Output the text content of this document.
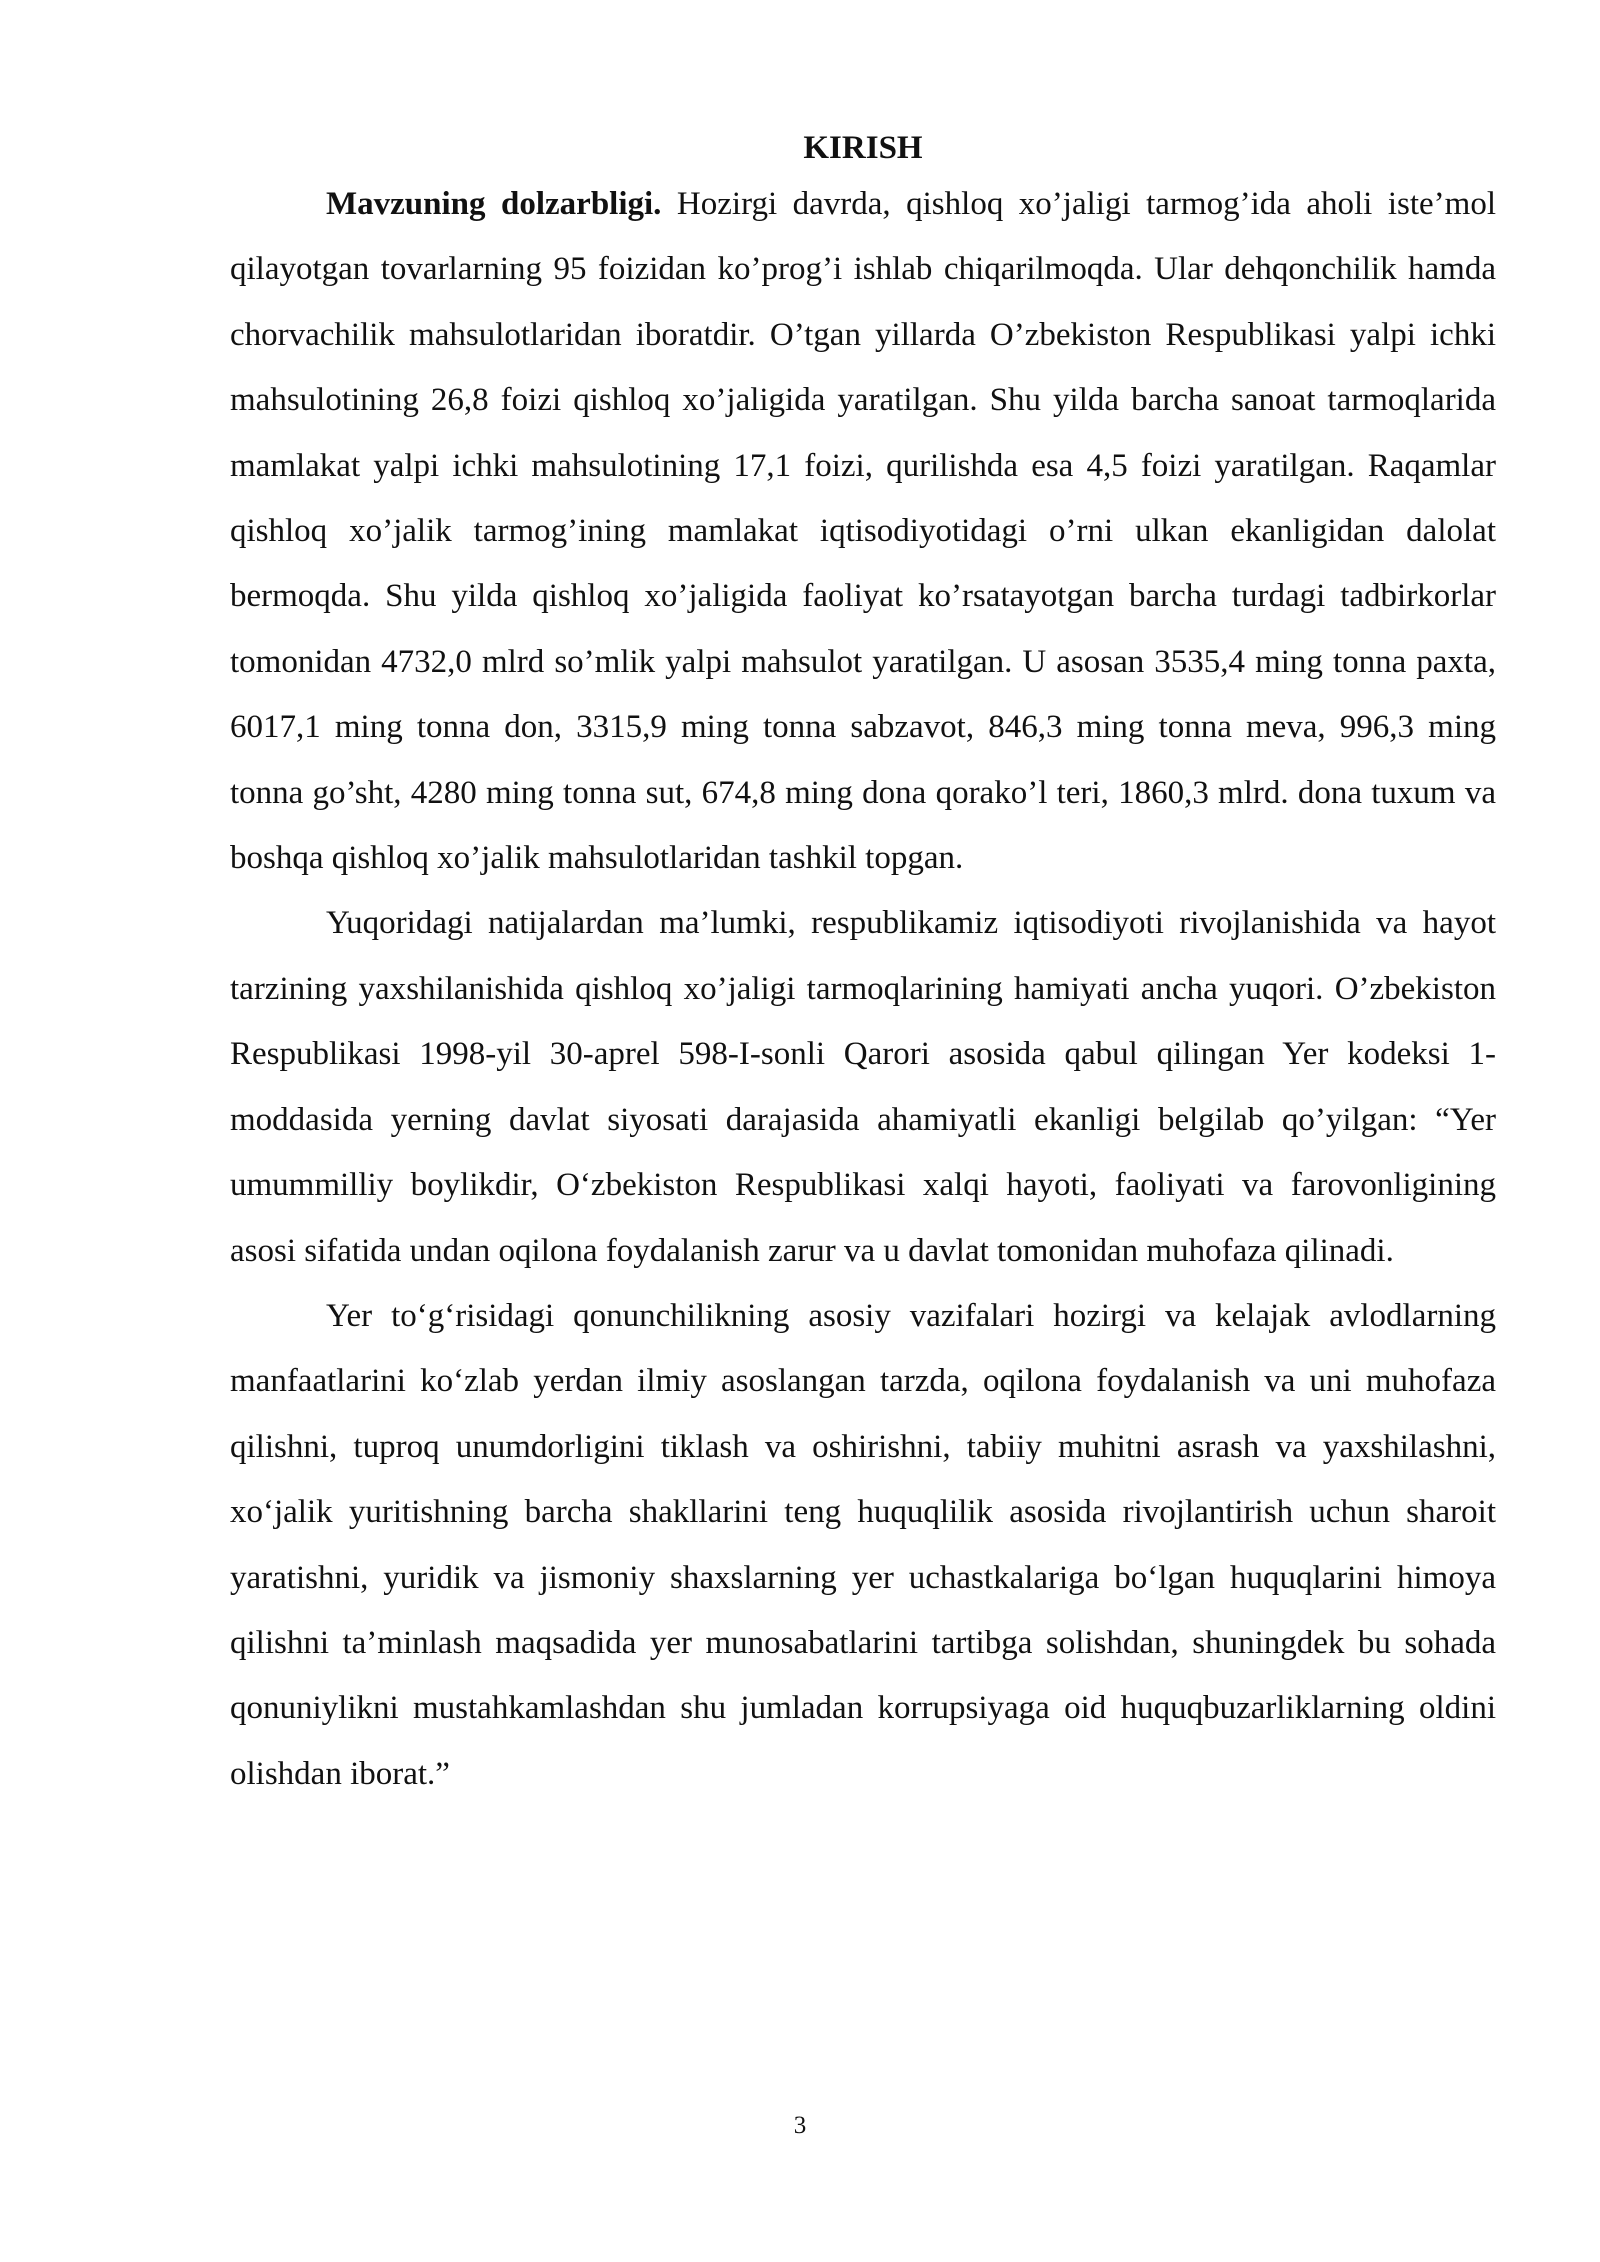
KIRISH

Mavzuning dolzarbligi. Hozirgi davrda, qishloq xo’jaligi tarmog’ida aholi iste’mol qilayotgan tovarlarning 95 foizidan ko’prog’i ishlab chiqarilmoqda. Ular dehqonchilik hamda chorvachilik mahsulotlaridan iboratdir. O’tgan yillarda O’zbekiston Respublikasi yalpi ichki mahsulotining 26,8 foizi qishloq xo’jaligida yaratilgan. Shu yilda barcha sanoat tarmoqlarida mamlakat yalpi ichki mahsulotining 17,1 foizi, qurilishda esa 4,5 foizi yaratilgan. Raqamlar qishloq xo’jalik tarmog’ining mamlakat iqtisodiyotidagi o’rni ulkan ekanligidan dalolat bermoqda. Shu yilda qishloq xo’jaligida faoliyat ko’rsatayotgan barcha turdagi tadbirkorlar tomonidan 4732,0 mlrd so’mlik yalpi mahsulot yaratilgan. U asosan 3535,4 ming tonna paxta, 6017,1 ming tonna don, 3315,9 ming tonna sabzavot, 846,3 ming tonna meva, 996,3 ming tonna go’sht, 4280 ming tonna sut, 674,8 ming dona qorako’l teri, 1860,3 mlrd. dona tuxum va boshqa qishloq xo’jalik mahsulotlaridan tashkil topgan.

Yuqoridagi natijalardan ma’lumki, respublikamiz iqtisodiyoti rivojlanishida va hayot tarzining yaxshilanishida qishloq xo’jaligi tarmoqlarining hamiyati ancha yuqori. O’zbekiston Respublikasi 1998-yil 30-aprel 598-I-sonli Qarori asosida qabul qilingan Yer kodeksi 1-moddasida yerning davlat siyosati darajasida ahamiyatli ekanligi belgilab qo’yilgan: “Yer umummilliy boylikdir, O‘zbekiston Respublikasi xalqi hayoti, faoliyati va farovonligining asosi sifatida undan oqilona foydalanish zarur va u davlat tomonidan muhofaza qilinadi.

Yer to‘g‘risidagi qonunchilikning asosiy vazifalari hozirgi va kelajak avlodlarning manfaatlarini ko‘zlab yerdan ilmiy asoslangan tarzda, oqilona foydalanish va uni muhofaza qilishni, tuproq unumdorligini tiklash va oshirishni, tabiiy muhitni asrash va yaxshilashni, xo‘jalik yuritishning barcha shakllarini teng huquqlilik asosida rivojlantirish uchun sharoit yaratishni, yuridik va jismoniy shaxslarning yer uchastkalariga bo‘lgan huquqlarini himoya qilishni ta’minlash maqsadida yer munosabatlarini tartibga solishdan, shuningdek bu sohada qonuniylikni mustahkamlashdan shu jumladan korrupsiyaga oid huquqbuzarliklarning oldini olishdan iborat.”

3
